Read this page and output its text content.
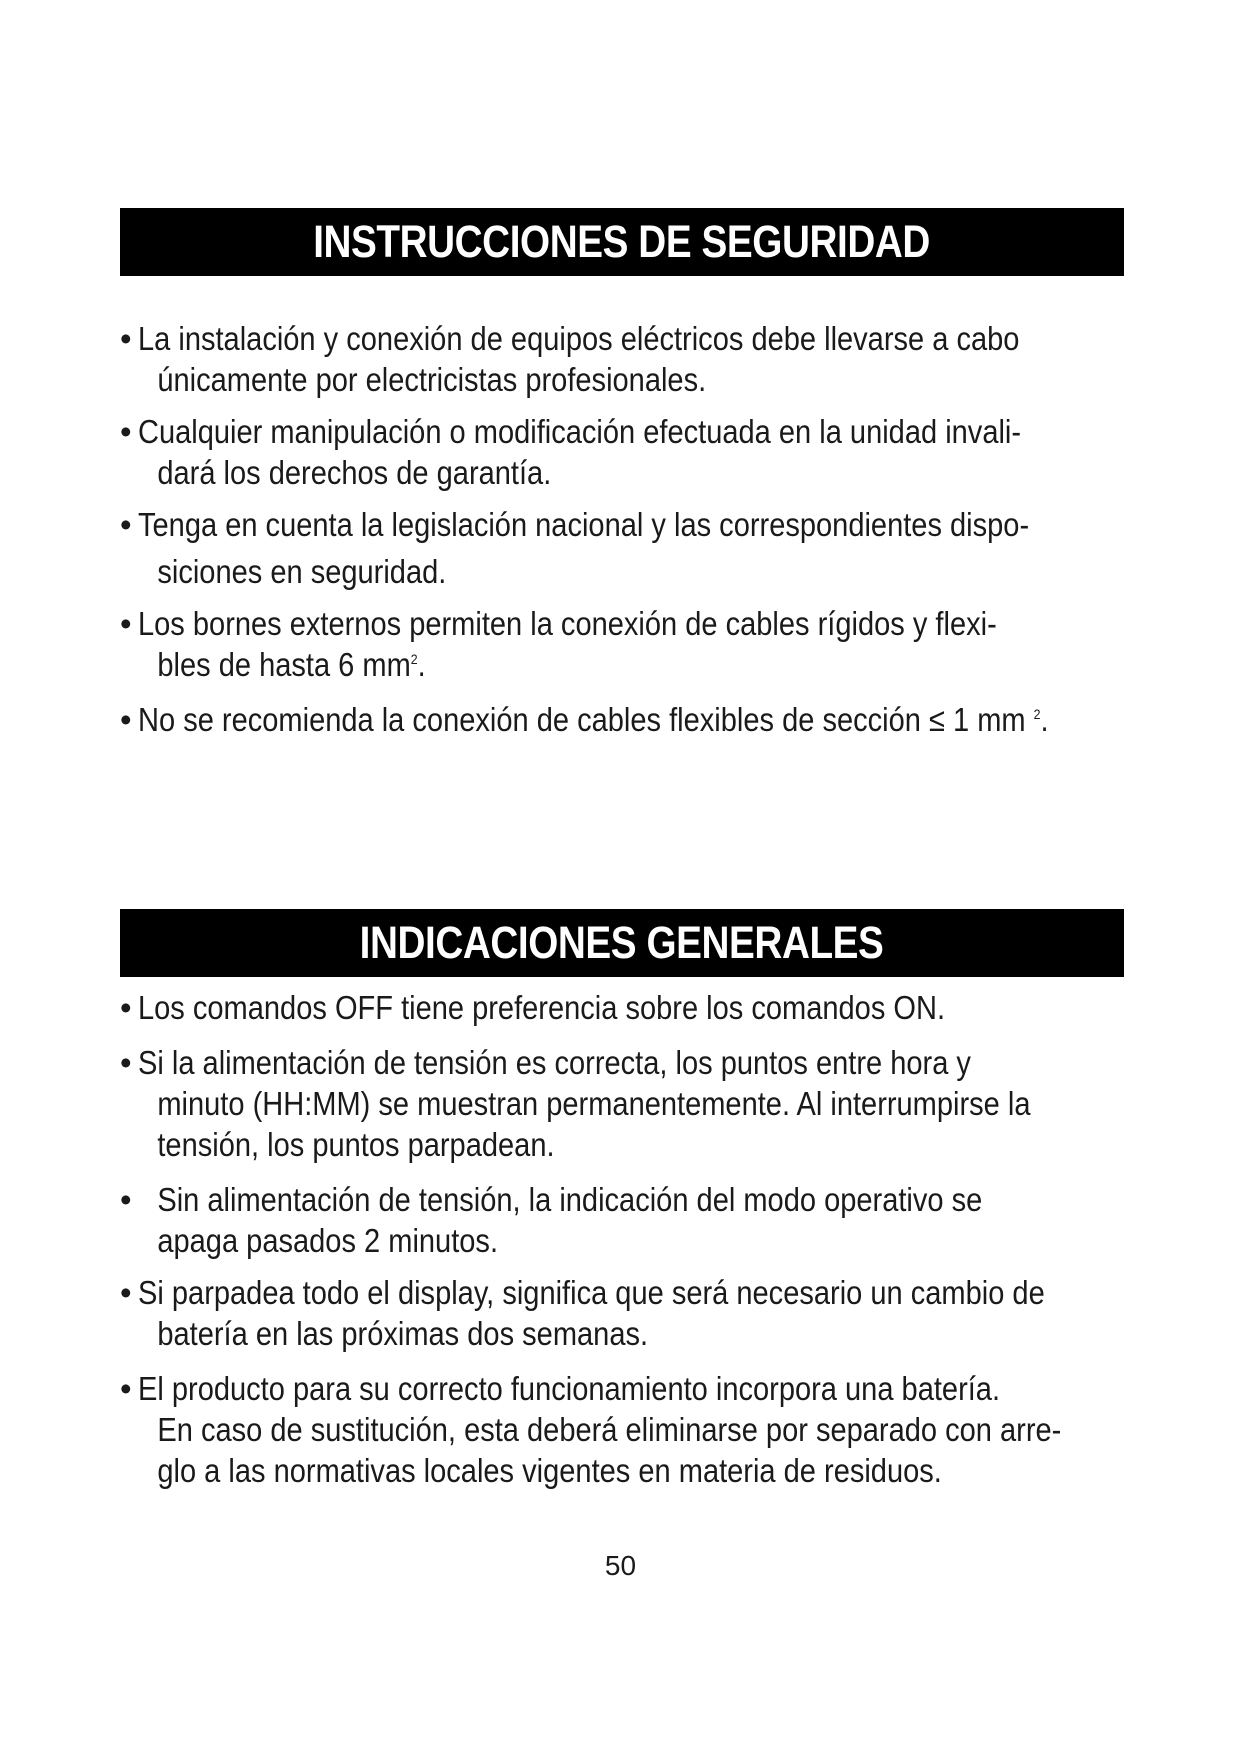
INSTRUCCIONES DE SEGURIDAD
• La instalación y conexión de equipos eléctricos debe llevarse a cabo
únicamente por electricistas profesionales.
• Cualquier manipulación o modificación efectuada en la unidad invali-
dará los derechos de garantía.
• Tenga en cuenta la legislación nacional y las correspondientes dispo-
siciones en seguridad.
• Los bornes externos permiten la conexión de cables rígidos y flexi-
bles de hasta 6 $mm^2$.
• No se recomienda la conexión de cables flexibles de sección ≤ 1 mm $^2$.
INDICACIONES GENERALES
• Los comandos OFF tiene preferencia sobre los comandos ON.
• Si la alimentación de tensión es correcta, los puntos entre hora y
minuto (HH:MM) se muestran permanentemente. Al interrumpirse la
tensión, los puntos parpadean.
• Sin alimentación de tensión, la indicación del modo operativo se
apaga pasados 2 minutos.
• Si parpadea todo el display, significa que será necesario un cambio de
batería en las próximas dos semanas.
• El producto para su correcto funcionamiento incorpora una batería.
En caso de sustitución, esta deberá eliminarse por separado con arre-
glo a las normativas locales vigentes en materia de residuos.
50
